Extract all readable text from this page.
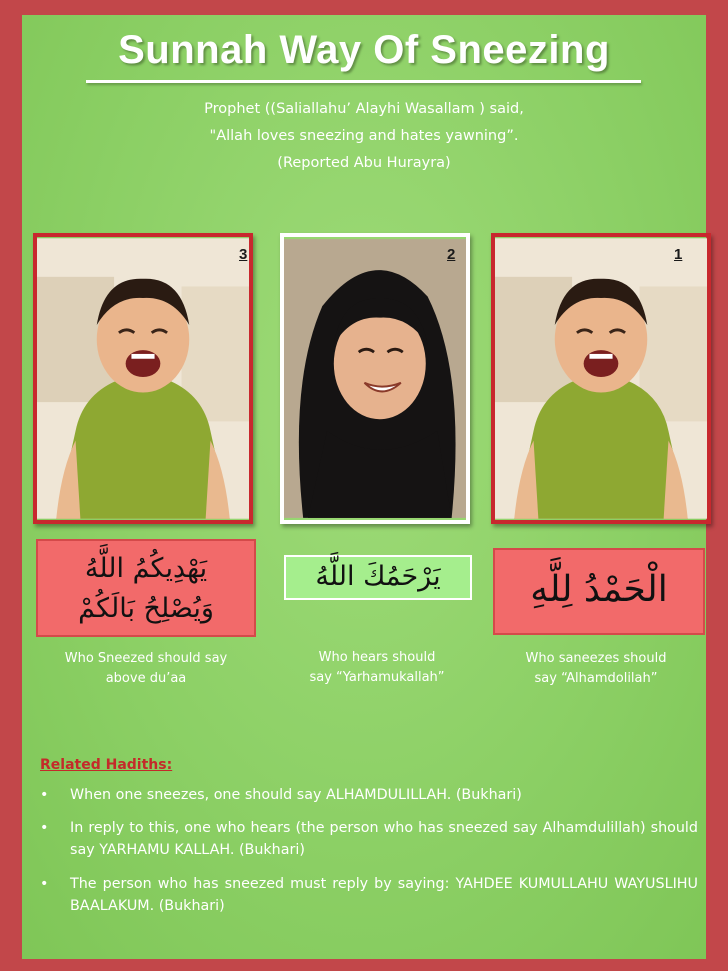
Sunnah Way Of Sneezing
Prophet ((Saliallahu’ Alayhi Wasallam ) said,
"Allah loves sneezing and hates yawning”.
(Reported Abu Hurayra)
3	2	1
يَهْدِيكُمُ اللَّهُ
وَيُصْلِحُ بَالَكُمْ
يَرْحَمُكَ اللَّهُ	الْحَمْدُ لِلَّهِ
Who Sneezed should say
above du’aa
Who hears should
say “Yarhamukallah”
Who saneezes should
say “Alhamdolilah”
Related Hadiths:
• When one sneezes, one should say ALHAMDULILLAH. (Bukhari)
• In reply to this, one who hears (the person who has sneezed say Alhamdulillah) should say YARHAMU KALLAH. (Bukhari)
• The person who has sneezed must reply by saying: YAHDEE KUMULLAHU WAYUSLIHU BAALAKUM. (Bukhari)
